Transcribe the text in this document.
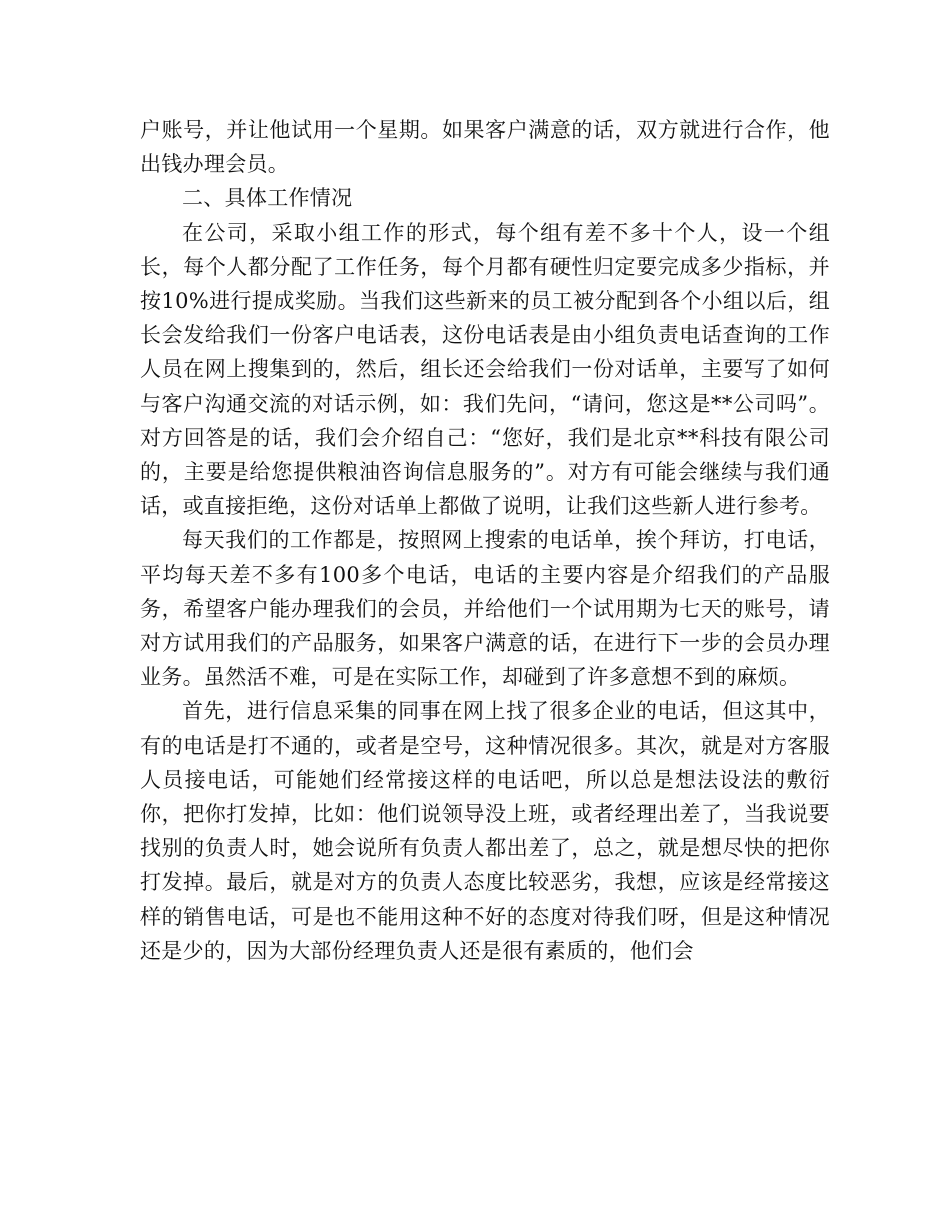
户账号，并让他试用一个星期。如果客户满意的话，双方就进行合作，他出钱办理会员。

二、具体工作情况

在公司，采取小组工作的形式，每个组有差不多十个人，设一个组长，每个人都分配了工作任务，每个月都有硬性归定要完成多少指标，并按10%进行提成奖励。当我们这些新来的员工被分配到各个小组以后，组长会发给我们一份客户电话表，这份电话表是由小组负责电话查询的工作人员在网上搜集到的，然后，组长还会给我们一份对话单，主要写了如何与客户沟通交流的对话示例，如：我们先问，“请问，您这是**公司吗”。对方回答是的话，我们会介绍自己：“您好，我们是北京**科技有限公司的，主要是给您提供粮油咨询信息服务的”。对方有可能会继续与我们通话，或直接拒绝，这份对话单上都做了说明，让我们这些新人进行参考。

每天我们的工作都是，按照网上搜索的电话单，挨个拜访，打电话，平均每天差不多有100多个电话，电话的主要内容是介绍我们的产品服务，希望客户能办理我们的会员，并给他们一个试用期为七天的账号，请对方试用我们的产品服务，如果客户满意的话，在进行下一步的会员办理业务。虽然活不难，可是在实际工作，却碰到了许多意想不到的麻烦。

首先，进行信息采集的同事在网上找了很多企业的电话，但这其中，有的电话是打不通的，或者是空号，这种情况很多。其次，就是对方客服人员接电话，可能她们经常接这样的电话吧，所以总是想法设法的敷衍你，把你打发掉，比如：他们说领导没上班，或者经理出差了，当我说要找别的负责人时，她会说所有负责人都出差了，总之，就是想尽快的把你打发掉。最后，就是对方的负责人态度比较恶劣，我想，应该是经常接这样的销售电话，可是也不能用这种不好的态度对待我们呀，但是这种情况还是少的，因为大部份经理负责人还是很有素质的，他们会
